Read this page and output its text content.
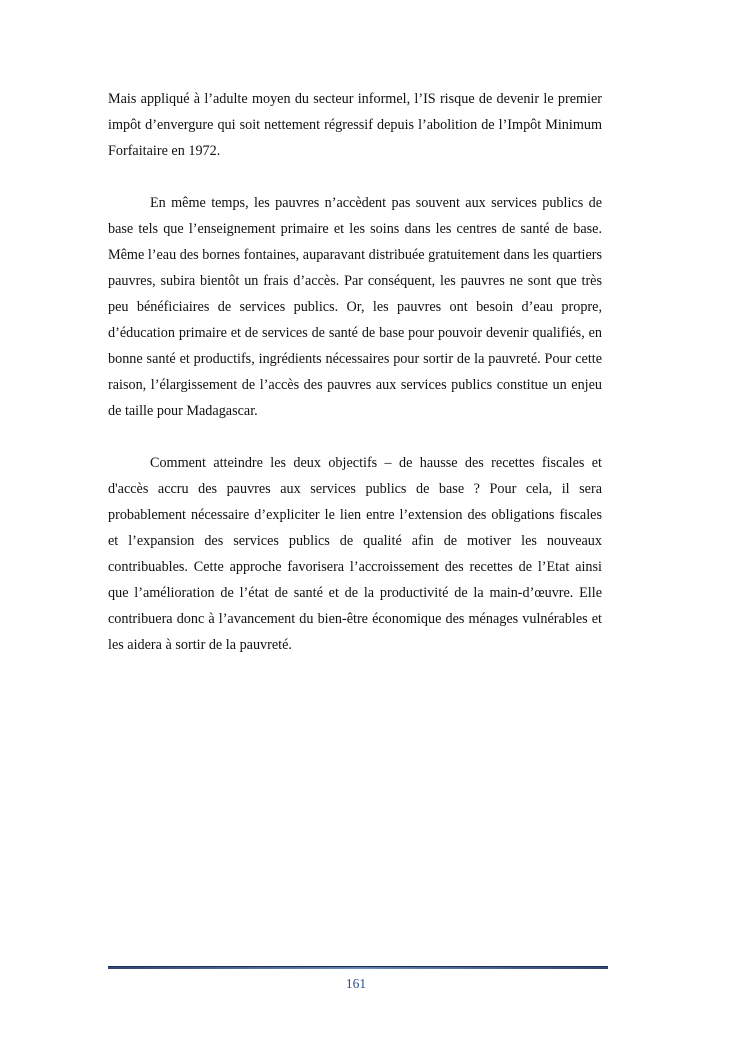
Mais appliqué à l’adulte moyen du secteur informel, l’IS risque de devenir le premier impôt d’envergure qui soit nettement régressif depuis l’abolition de l’Impôt Minimum Forfaitaire en 1972.

En même temps, les pauvres n’accèdent pas souvent aux services publics de base tels que l’enseignement primaire et les soins dans les centres de santé de base. Même l’eau des bornes fontaines, auparavant distribuée gratuitement dans les quartiers pauvres, subira bientôt un frais d’accès. Par conséquent, les pauvres ne sont que très peu bénéficiaires de services publics. Or, les pauvres ont besoin d’eau propre, d’éducation primaire et de services de santé de base pour pouvoir devenir qualifiés, en bonne santé et productifs, ingrédients nécessaires pour sortir de la pauvreté. Pour cette raison, l’élargissement de l’accès des pauvres aux services publics constitue un enjeu de taille pour Madagascar.

Comment atteindre les deux objectifs – de hausse des recettes fiscales et d'accès accru des pauvres aux services publics de base ? Pour cela, il sera probablement nécessaire d’expliciter le lien entre l’extension des obligations fiscales et l’expansion des services publics de qualité afin de motiver les nouveaux contribuables. Cette approche favorisera l’accroissement des recettes de l’Etat ainsi que l’amélioration de l’état de santé et de la productivité de la main-d’œuvre. Elle contribuera donc à l’avancement du bien-être économique des ménages vulnérables et les aidera à sortir de la pauvreté.

161
